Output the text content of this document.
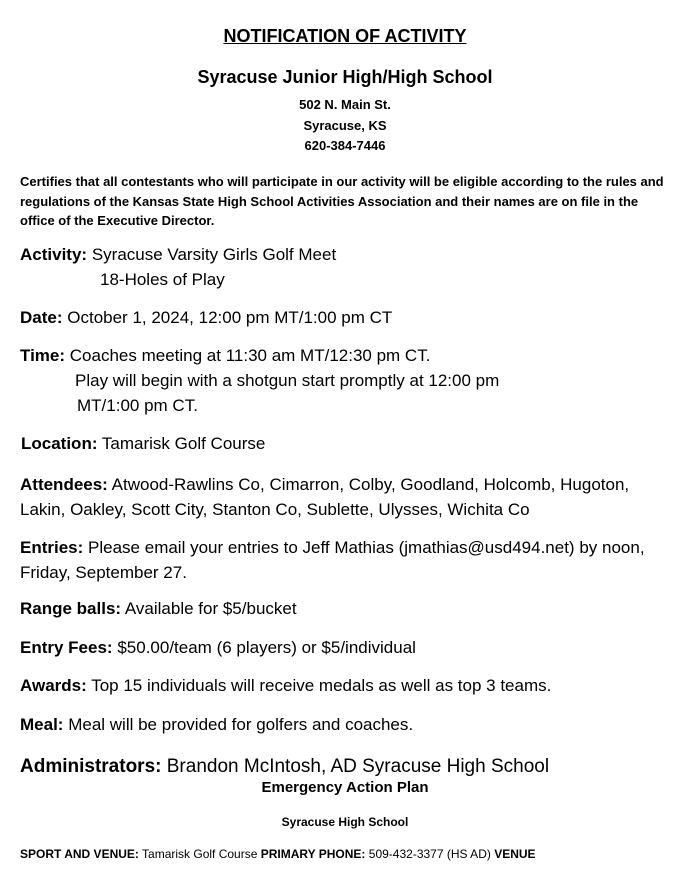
NOTIFICATION OF ACTIVITY
Syracuse Junior High/High School
502 N. Main St.
Syracuse, KS
620-384-7446
Certifies that all contestants who will participate in our activity will be eligible according to the rules and regulations of the Kansas State High School Activities Association and their names are on file in the office of the Executive Director.
Activity: Syracuse Varsity Girls Golf Meet
18-Holes of Play
Date: October 1, 2024, 12:00 pm MT/1:00 pm CT
Time: Coaches meeting at 11:30 am MT/12:30 pm CT.
Play will begin with a shotgun start promptly at 12:00 pm
MT/1:00 pm CT.
Location: Tamarisk Golf Course
Attendees: Atwood-Rawlins Co, Cimarron, Colby, Goodland, Holcomb, Hugoton, Lakin, Oakley, Scott City, Stanton Co, Sublette, Ulysses, Wichita Co
Entries: Please email your entries to Jeff Mathias (jmathias@usd494.net) by noon, Friday, September 27.
Range balls: Available for $5/bucket
Entry Fees: $50.00/team (6 players) or $5/individual
Awards: Top 15 individuals will receive medals as well as top 3 teams.
Meal: Meal will be provided for golfers and coaches.
Administrators: Brandon McIntosh, AD Syracuse High School
Emergency Action Plan
Syracuse High School
SPORT AND VENUE: Tamarisk Golf Course PRIMARY PHONE: 509-432-3377 (HS AD) VENUE
